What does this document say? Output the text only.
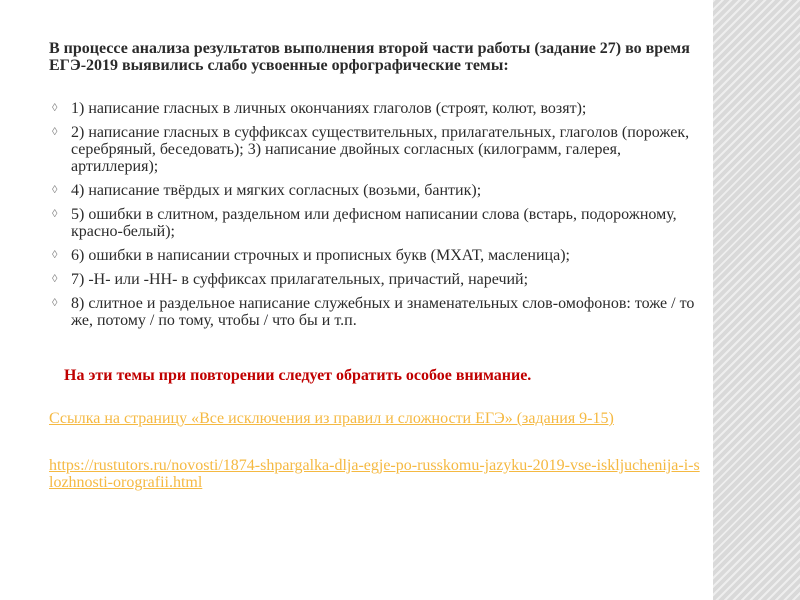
В процессе анализа результатов выполнения второй части работы (задание 27) во время ЕГЭ-2019 выявились слабо усвоенные орфографические темы:

◊ 1) написание гласных в личных окончаниях глаголов (строят, колют, возят);
◊ 2) написание гласных в суффиксах существительных, прилагательных, глаголов (порожек, серебряный, беседовать); 3) написание двойных согласных (килограмм, галерея, артиллерия);
◊ 4) написание твёрдых и мягких согласных (возьми, бантик);
◊ 5) ошибки в слитном, раздельном или дефисном написании слова (встарь, подорожному, красно-белый);
◊ 6) ошибки в написании строчных и прописных букв (МХАТ, масленица);
◊ 7) -Н- или -НН- в суффиксах прилагательных, причастий, наречий;
◊ 8) слитное и раздельное написание служебных и знаменательных слов-омофонов: тоже / то же, потому / по тому, чтобы / что бы и т.п.

На эти темы при повторении следует обратить особое внимание.

Ссылка на страницу «Все исключения из правил и сложности ЕГЭ» (задания 9-15)
https://rustutors.ru/novosti/1874-shpargalka-dlja-egje-po-russkomu-jazyku-2019-vse-iskljuchenija-i-slozhnosti-orografii.html
